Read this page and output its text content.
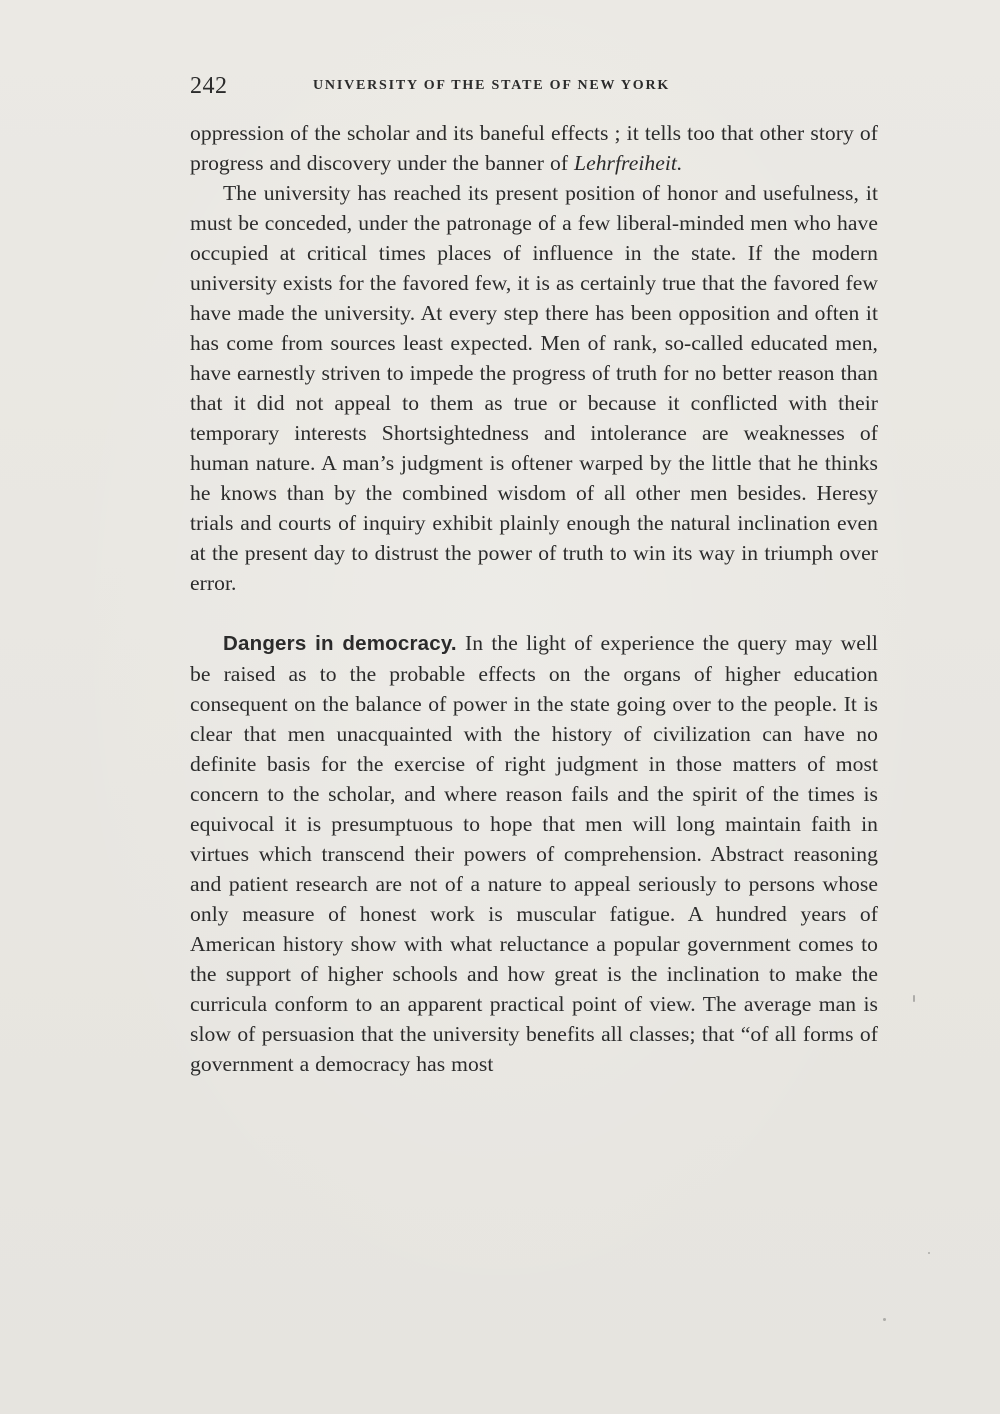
242	UNIVERSITY OF THE STATE OF NEW YORK

oppression of the scholar and its baneful effects ; it tells too that other story of progress and discovery under the banner of Lehrfreiheit.

The university has reached its present position of honor and usefulness, it must be conceded, under the patronage of a few liberal-minded men who have occupied at critical times places of influence in the state. If the modern university exists for the favored few, it is as certainly true that the favored few have made the university. At every step there has been opposition and often it has come from sources least expected. Men of rank, so-called educated men, have earnestly striven to impede the progress of truth for no better reason than that it did not appeal to them as true or because it conflicted with their temporary interests Shortsightedness and intolerance are weaknesses of human nature. A man’s judgment is oftener warped by the little that he thinks he knows than by the combined wisdom of all other men besides. Heresy trials and courts of inquiry exhibit plainly enough the natural inclination even at the present day to distrust the power of truth to win its way in triumph over error.

Dangers in democracy. In the light of experience the query may well be raised as to the probable effects on the organs of higher education consequent on the balance of power in the state going over to the people. It is clear that men unacquainted with the history of civilization can have no definite basis for the exercise of right judgment in those matters of most concern to the scholar, and where reason fails and the spirit of the times is equivocal it is presumptuous to hope that men will long maintain faith in virtues which transcend their powers of comprehension. Abstract reasoning and patient research are not of a nature to appeal seriously to persons whose only measure of honest work is muscular fatigue. A hundred years of American history show with what reluctance a popular government comes to the support of higher schools and how great is the inclination to make the curricula conform to an apparent practical point of view. The average man is slow of persuasion that the university benefits all classes; that “of all forms of government a democracy has most
